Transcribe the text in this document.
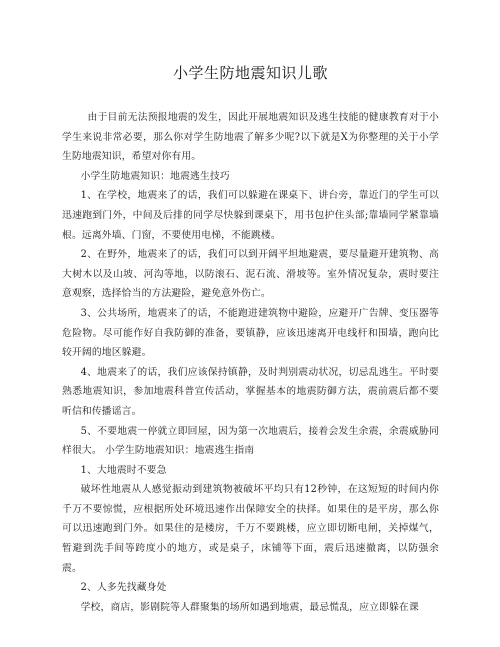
小学生防地震知识儿歌

由于目前无法预报地震的发生，因此开展地震知识及逃生技能的健康教育对于小学生来说非常必要，那么你对学生防地震了解多少呢?以下就是X为你整理的关于小学生防地震知识，希望对你有用。

小学生防地震知识：地震逃生技巧

1、在学校，地震来了的话，我们可以躲避在课桌下、讲台旁，靠近门的学生可以迅速跑到门外，中间及后排的同学尽快躲到课桌下，用书包护住头部;靠墙同学紧靠墙根。远离外墙、门窗，不要使用电梯，不能跳楼。

2、在野外，地震来了的话，我们可以到开阔平坦地避震，要尽量避开建筑物、高大树木以及山坡、河沟等地，以防滚石、泥石流、滑坡等。室外情况复杂，震时要注意观察，选择恰当的方法避险，避免意外伤亡。

3、公共场所，地震来了的话，不能跑进建筑物中避险，应避开广告牌、变压器等危险物。尽可能作好自我防御的准备，要镇静，应该迅速离开电线杆和围墙，跑向比较开阔的地区躲避。

4、地震来了的话，我们应该保持镇静，及时判别震动状况，切忌乱逃生。平时要熟悉地震知识，参加地震科普宣传活动，掌握基本的地震防御方法，震前震后都不要听信和传播谣言。

5、不要地震一停就立即回屋，因为第一次地震后，接着会发生余震，余震威胁同样很大。 小学生防地震知识：地震逃生指南

1、大地震时不要急

破坏性地震从人感觉振动到建筑物被破坏平均只有12秒钟，在这短短的时间内你千万不要惊慌，应根据所处环境迅速作出保障安全的抉择。如果住的是平房，那么你可以迅速跑到门外。如果住的是楼房，千万不要跳楼，应立即切断电闸，关掉煤气，暂避到洗手间等跨度小的地方，或是桌子，床铺等下面，震后迅速撤离，以防强余震。

2、人多先找藏身处

学校，商店，影剧院等人群聚集的场所如遇到地震，最忌慌乱，应立即躲在课
